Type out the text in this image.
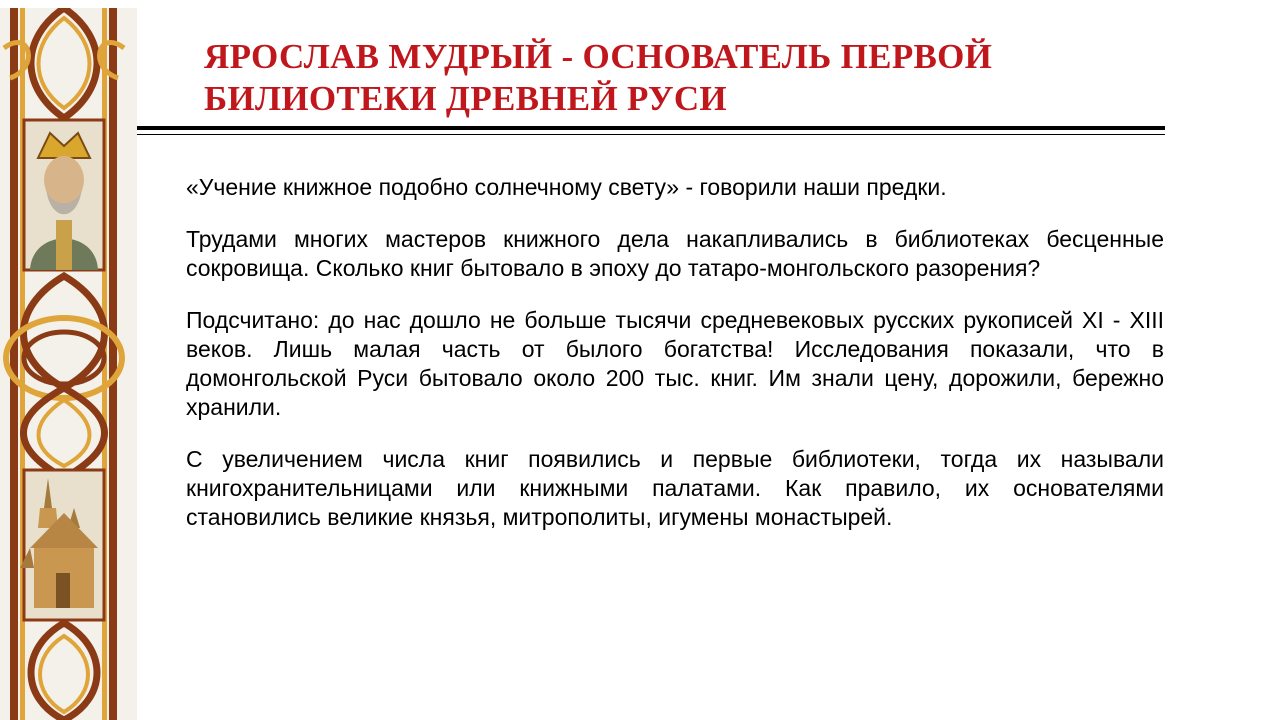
ЯРОСЛАВ МУДРЫЙ - ОСНОВАТЕЛЬ ПЕРВОЙ
БИЛИОТЕКИ ДРЕВНЕЙ РУСИ

«Учение книжное подобно солнечному свету» - говорили наши предки.

Трудами многих мастеров книжного дела накапливались в библиотеках бесценные сокровища. Сколько книг бытовало в эпоху до татаро-монгольского разорения?

Подсчитано: до нас дошло не больше тысячи средневековых русских рукописей XI - XIII веков. Лишь малая часть от былого богатства! Исследования показали, что в домонгольской Руси бытовало около 200 тыс. книг. Им знали цену, дорожили, бережно хранили.

С увеличением числа книг появились и первые библиотеки, тогда их называли книгохранительницами или книжными палатами. Как правило, их основателями становились великие князья, митрополиты, игумены монастырей.
